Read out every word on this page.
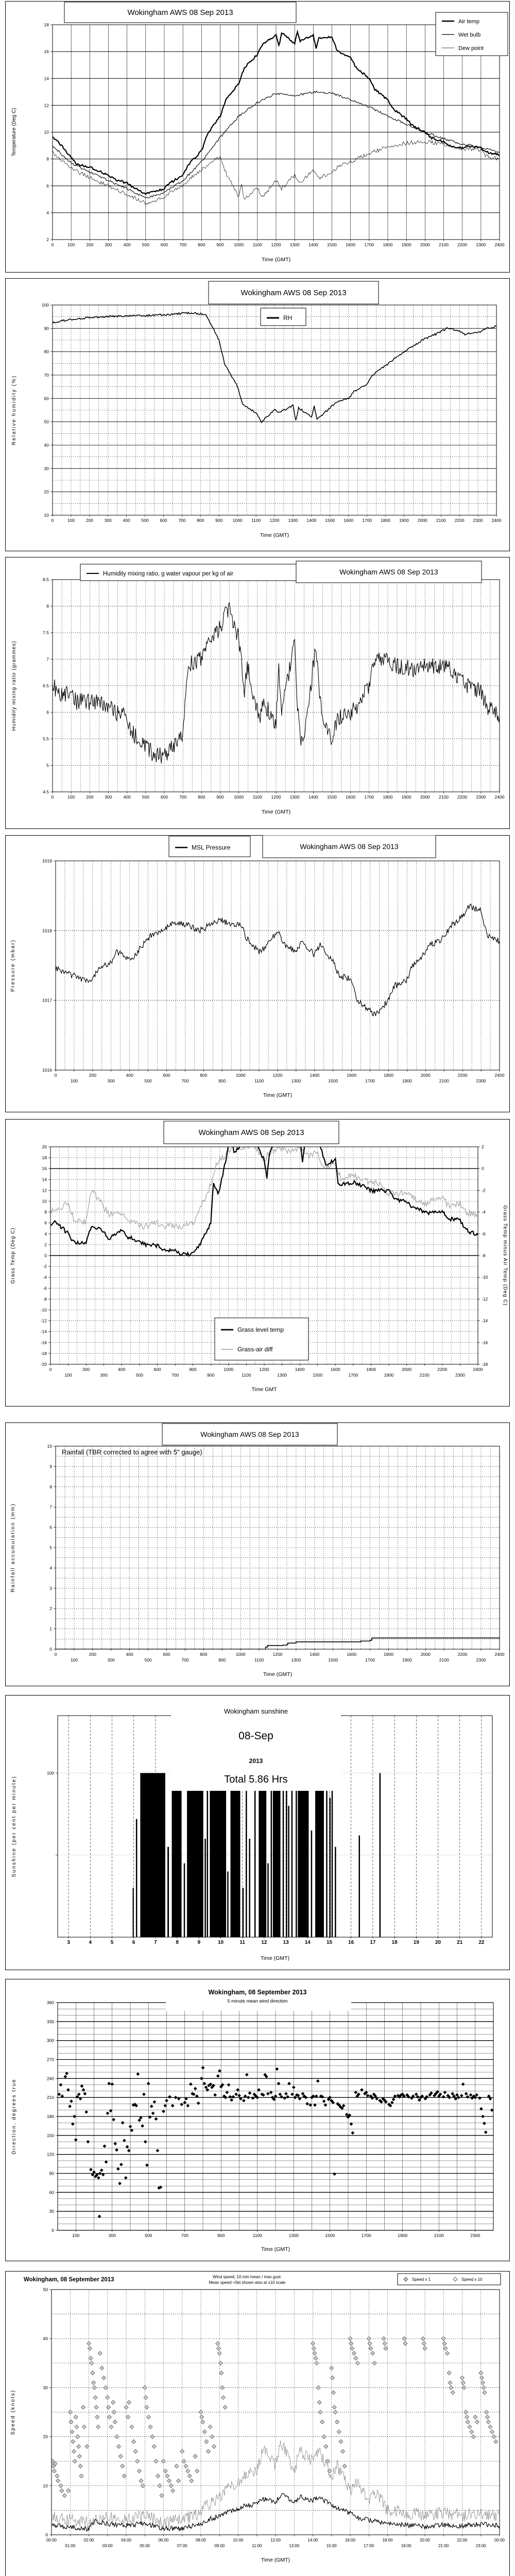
0	100	200	300	400	500	600	700	800	900 1000 1100 1200 1300 1400 1500 1600 1700 1800 1900 2000 2100 2200 2300 2400
Time (GMT)
2
4
6
8
10
12
14
16
18
Temperature (Deg C)
Wokingham AWS 08 Sep 2013
Air temp
Wet bulb
Dew point
0	100	200	300	400	500	600	700	800	900 1000 1100 1200 1300 1400 1500 1600 1700 1800 1900 2000 2100 2200 2300 2400
Time (GMT)
10
20
30
40
50
60
70
80
90
100
Relative humidity (%)
Wokingham AWS 08 Sep 2013
RH
0	100	200	300	400	500	600	700	800	900 1000 1100 1200 1300 1400 1500 1600 1700 1800 1900 2000 2100 2200 2300 2400
Time (GMT)
4.5
5
5.5
6
6.5
7
7.5
8
8.5
Humidity mixing ratio (grammes)
Humidity mixing ratio, g water vapour per kg of air	Wokingham AWS 08 Sep 2013
0
100
200
300
400
500
600
700
800
900
1000
1100
1200
1300
1400
1500
1600
1700
1800
1900
2000
2100
2200
2300
2400
Time (GMT)
1016
1017
1018
1019
Pressure (mbar)
MSL Pressure	Wokingham AWS 08 Sep 2013
0
100
200
300
400
500
600
700
800
900
1000
1100
1200
1300
1400
1500
1600
1700
1800
1900
2000
2100
2200
2300
2400
Time GMT
-20
-18
-16
-14
-12
-10
-8
-6
-4
-2
0
2
4
6
8
10
12
14
16
18
20
Grass Temp (Deg C)
-18
-16
-14
-12
-10
-8
-6
-4
-2
0
2
Grass Temp minus Air Temp (Deg C)
Wokingham AWS 08 Sep 2013
Grass level temp
Grass-air diff
0
100
200
300
400
500
600
700
800
900
1000
1100
1200
1300
1400
1500
1600
1700
1800
1900
2000
2100
2200
2300
2400
Time (GMT)
0
1
2
3
4
5
6
7
8
9
10
Rainfall accumulation (mm)
Wokingham AWS 08 Sep 2013
Rainfall (TBR corrected to agree with 5" gauge)
3	4	5	6	7	8	9	10	11	12	13	14	15	16	17	18	19	20	21	22
Time (GMT)
100
Sunshine (per cent per minute)
Wokingham sunshine
08-Sep
2013
Total 5.86 Hrs
100	300	500	700	900	1100	1300	1500	1700	1900	2100	2300
Time (GMT)
0
30
60
90
120
150
180
210
240
270
300
330
360
Direction, degrees true
Wokingham, 08 September 2013
5 minute mean wind direction
00:00
01:00
02:00
03:00
04:00
05:00
06:00
07:00
08:00
09:00
10:00
11:00
12:00
13:00
14:00
15:00
16:00
17:00
18:00
19:00
20:00
21:00
22:00
23:00
00:00
Time (GMT)
0
10
20
30
40
50
Speed (knots)
Wokingham, 08 September 2013	Wind speed, 10 min mean / max gust.
Mean speed <5kt shown also at x10 scale
Speed x 1	Speed x 10
